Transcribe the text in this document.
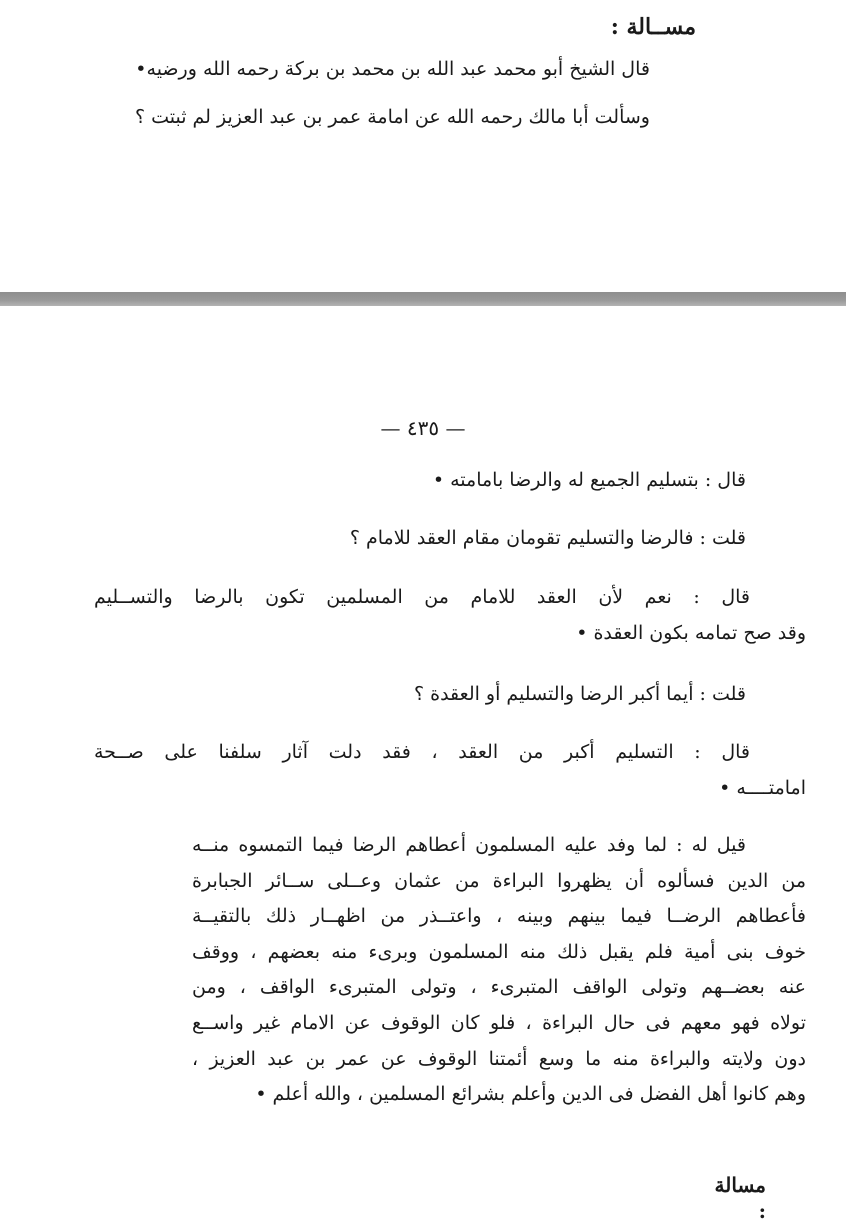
مســالة :
قال الشيخ أبو محمد عبد الله بن محمد بن بركة رحمه الله ورضيه•
وسألت أبا مالك رحمه الله عن امامة عمر بن عبد العزيز لم ثبتت ؟
— ٤٣٥ —
قال : بتسليم الجميع له والرضا بامامته •
قلت : فالرضا والتسليم تقومان مقام العقد للامام ؟
قال : نعم لأن العقد للامام من المسلمين تكون بالرضا والتســليم
وقد صح تمامه بكون العقدة •
قلت : أيما أكبر الرضا والتسليم أو العقدة ؟
قال : التسليم أكبر من العقد ، فقد دلت آثار سلفنا على صــحة
امامتــــه •
قيل له : لما وفد عليه المسلمون أعطاهم الرضا فيما التمسوه منــه
من الدين فسألوه أن يظهروا البراءة من عثمان وعــلى ســائر الجبابرة
فأعطاهم الرضــا فيما بينهم وبينه ، واعتــذر من اظهــار ذلك بالتقيــة
خوف بنى أمية فلم يقبل ذلك منه المسلمون وبرىء منه بعضهم ، ووقف
عنه بعضــهم وتولى الواقف المتبرىء ، وتولى المتبرىء الواقف ، ومن
تولاه فهو معهم فى حال البراءة ، فلو كان الوقوف عن الامام غير واســع
دون ولايته والبراءة منه ما وسع أئمتنا الوقوف عن عمر بن عبد العزيز ،
وهم كانوا أهل الفضل فى الدين وأعلم بشرائع المسلمين ، والله أعلم •
مسالة :
